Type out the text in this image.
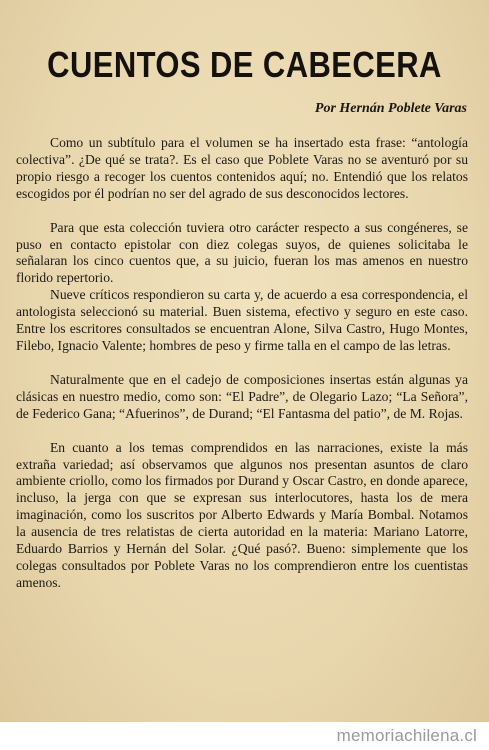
CUENTOS DE CABECERA
Por Hernán Poblete Varas

Como un subtítulo para el volumen se ha insertado esta frase: “antología colectiva”. ¿De qué se trata?. Es el caso que Poblete Varas no se aventuró por su propio riesgo a recoger los cuentos contenidos aquí; no. Entendió que los relatos escogidos por él podrían no ser del agrado de sus desconocidos lectores.

Para que esta colección tuviera otro carácter respecto a sus congéneres, se puso en contacto epistolar con diez colegas suyos, de quienes solicitaba le señalaran los cinco cuentos que, a su juicio, fueran los mas amenos en nuestro florido repertorio.

Nueve críticos respondieron su carta y, de acuerdo a esa correspondencia, el antologista seleccionó su material. Buen sistema, efectivo y seguro en este caso. Entre los escritores consultados se encuentran Alone, Silva Castro, Hugo Montes, Filebo, Ignacio Valente; hombres de peso y firme talla en el campo de las letras.

Naturalmente que en el cadejo de composiciones insertas están algunas ya clásicas en nuestro medio, como son: “El Padre”, de Olegario Lazo; “La Señora”, de Federico Gana; “Afuerinos”, de Durand; “El Fantasma del patio”, de M. Rojas.

En cuanto a los temas comprendidos en las narraciones, existe la más extraña variedad; así observamos que algunos nos presentan asuntos de claro ambiente criollo, como los firmados por Durand y Oscar Castro, en donde aparece, incluso, la jerga con que se expresan sus interlocutores, hasta los de mera imaginación, como los suscritos por Alberto Edwards y María Bombal. Notamos la ausencia de tres relatistas de cierta autoridad en la materia: Mariano Latorre, Eduardo Barrios y Hernán del Solar. ¿Qué pasó?. Bueno: simplemente que los colegas consultados por Poblete Varas no los comprendieron entre los cuentistas amenos.

memoriachilena.cl
